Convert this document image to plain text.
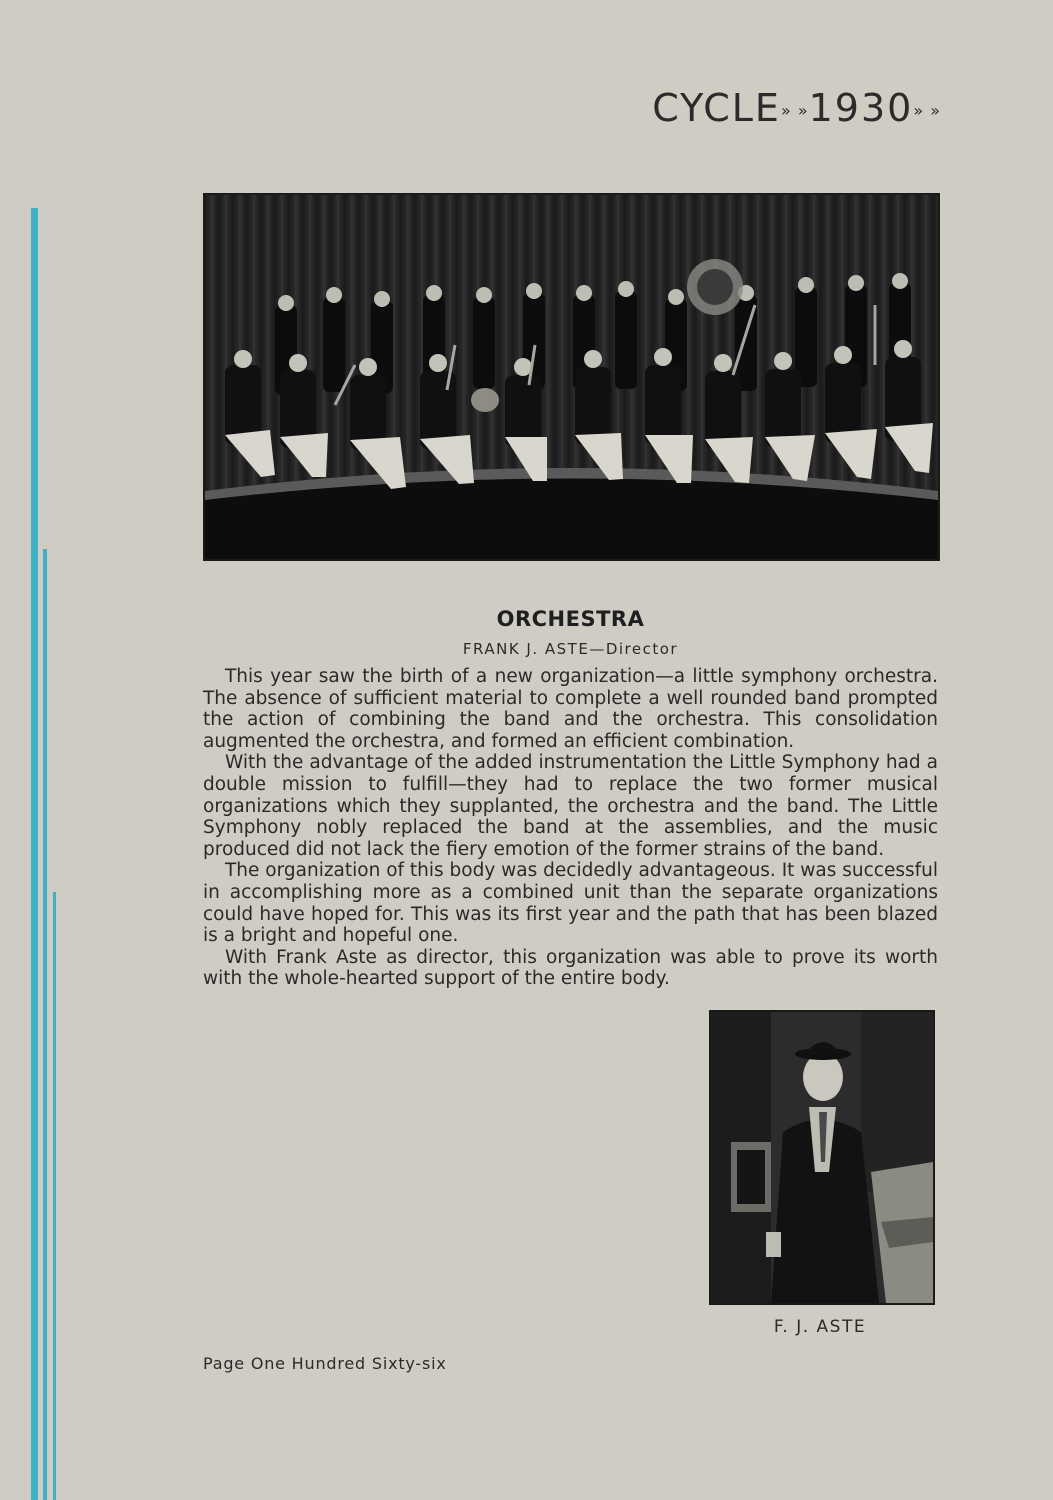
CYCLE» »1930» »
ORCHESTRA
FRANK J. ASTE—Director

This year saw the birth of a new organization—a little symphony orchestra. The absence of sufficient material to complete a well rounded band prompted the action of combining the band and the orchestra. This consolidation augmented the orchestra, and formed an efficient combination.

With the advantage of the added instrumentation the Little Symphony had a double mission to fulfill—they had to replace the two former musical organizations which they supplanted, the orchestra and the band. The Little Symphony nobly replaced the band at the assemblies, and the music produced did not lack the fiery emotion of the former strains of the band.

The organization of this body was decidedly advantageous. It was successful in accomplishing more as a combined unit than the separate organizations could have hoped for. This was its first year and the path that has been blazed is a bright and hopeful one.

With Frank Aste as director, this organization was able to prove its worth with the whole-hearted support of the entire body.

F. J. ASTE
Page One Hundred Sixty-six
